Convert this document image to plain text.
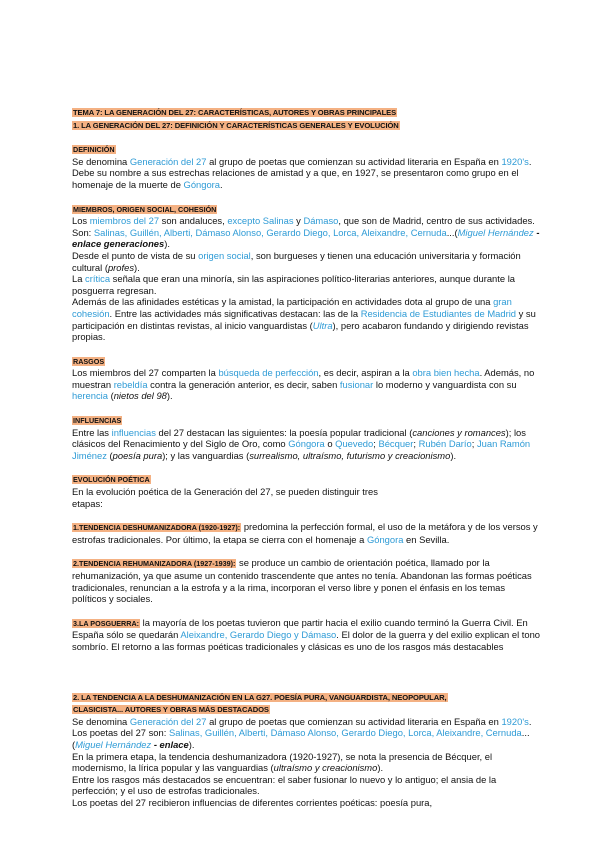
TEMA 7: LA GENERACIÓN DEL 27: CARACTERÍSTICAS, AUTORES Y OBRAS PRINCIPALES
1. LA GENERACIÓN DEL 27: DEFINICIÓN Y CARACTERÍSTICAS GENERALES Y EVOLUCIÓN
DEFINICIÓN

Se denomina Generación del 27 al grupo de poetas que comienzan su actividad literaria en España en 1920's. Debe su nombre a sus estrechas relaciones de amistad y a que, en 1927, se presentaron como grupo en el homenaje de la muerte de Góngora.

MIEMBROS, ORIGEN SOCIAL, COHESIÓN

Los miembros del 27 son andaluces, excepto Salinas y Dámaso, que son de Madrid, centro de sus actividades. Son: Salinas, Guillén, Alberti, Dámaso Alonso, Gerardo Diego, Lorca, Aleixandre, Cernuda...(Miguel Hernández - enlace generaciones).

Desde el punto de vista de su origen social, son burgueses y tienen una educación universitaria y formación cultural (profes).

La crítica señala que eran una minoría, sin las aspiraciones político-literarias anteriores, aunque durante la posguerra regresan.

Además de las afinidades estéticas y la amistad, la participación en actividades dota al grupo de una gran cohesión. Entre las actividades más significativas destacan: las de la Residencia de Estudiantes de Madrid y su participación en distintas revistas, al inicio vanguardistas (Ultra), pero acabaron fundando y dirigiendo revistas propias.

RASGOS

Los miembros del 27 comparten la búsqueda de perfección, es decir, aspiran a la obra bien hecha. Además, no muestran rebeldía contra la generación anterior, es decir, saben fusionar lo moderno y vanguardista con su herencia (nietos del 98).

INFLUENCIAS

Entre las influencias del 27 destacan las siguientes: la poesía popular tradicional (canciones y romances); los clásicos del Renacimiento y del Siglo de Oro, como Góngora o Quevedo; Bécquer; Rubén Darío; Juan Ramón Jiménez (poesía pura); y las vanguardias (surrealismo, ultraísmo, futurismo y creacionismo).

EVOLUCIÓN POÉTICA

En la evolución poética de la Generación del 27, se pueden distinguir tres

etapas:

1.TENDENCIA DESHUMANIZADORA (1920-1927): predomina la perfección formal, el uso de la metáfora y de los versos y estrofas tradicionales. Por último, la etapa se cierra con el homenaje a Góngora en Sevilla.

2.TENDENCIA REHUMANIZADORA (1927-1939): se produce un cambio de orientación poética, llamado por la rehumanización, ya que asume un contenido trascendente que antes no tenía. Abandonan las formas poéticas tradicionales, renuncian a la estrofa y a la rima, incorporan el verso libre y ponen el énfasis en los temas políticos y sociales.

3.LA POSGUERRA: la mayoría de los poetas tuvieron que partir hacia el exilio cuando terminó la Guerra Civil. En España sólo se quedarán Aleixandre, Gerardo Diego y Dámaso. El dolor de la guerra y del exilio explican el tono sombrío. El retorno a las formas poéticas tradicionales y clásicas es uno de los rasgos más destacables

2. LA TENDENCIA A LA DESHUMANIZACIÓN EN LA G27. POESÍA PURA, VANGUARDISTA, NEOPOPULAR,
CLASICISTA... AUTORES Y OBRAS MÁS DESTACADOS

Se denomina Generación del 27 al grupo de poetas que comienzan su actividad literaria en España en 1920's. Los poetas del 27 son: Salinas, Guillén, Alberti, Dámaso Alonso, Gerardo Diego, Lorca, Aleixandre, Cernuda...(Miguel Hernández - enlace).

En la primera etapa, la tendencia deshumanizadora (1920-1927), se nota la presencia de Bécquer, el modernismo, la lírica popular y las vanguardias (ultraísmo y creacionismo).

Entre los rasgos más destacados se encuentran: el saber fusionar lo nuevo y lo antiguo; el ansia de la perfección; y el uso de estrofas tradicionales.

Los poetas del 27 recibieron influencias de diferentes corrientes poéticas: poesía pura,
